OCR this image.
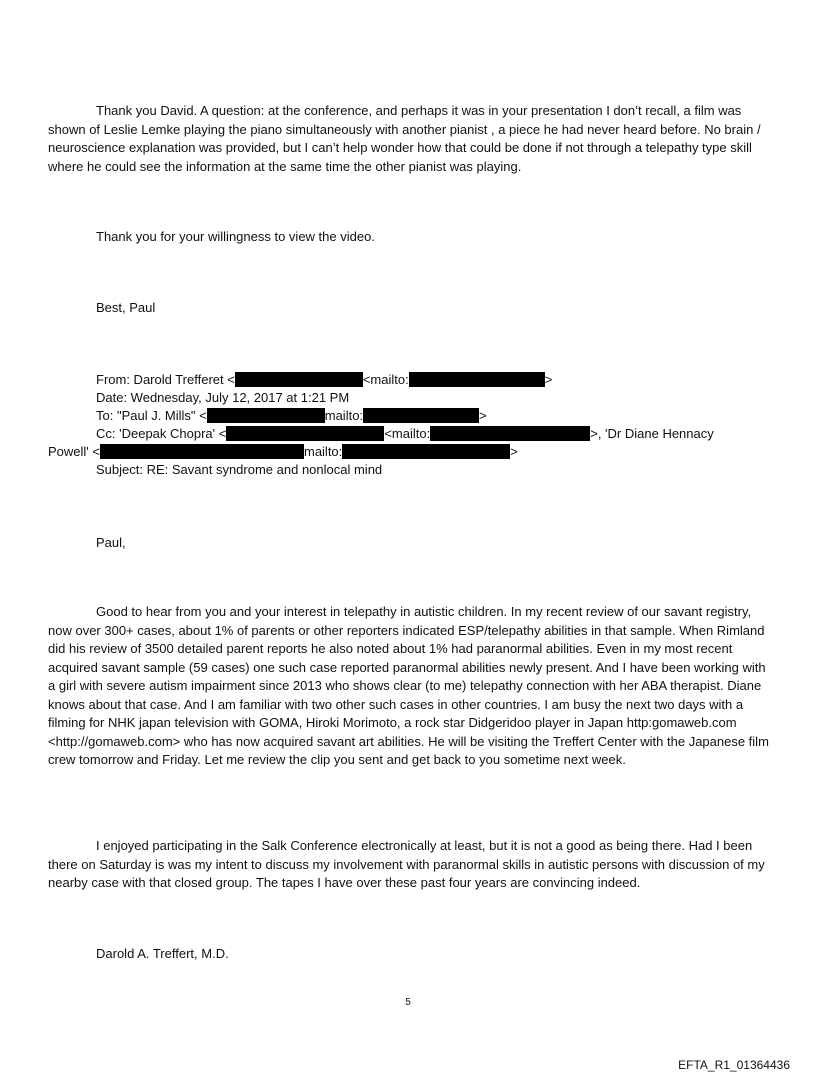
Thank you David. A question: at the conference, and perhaps it was in your presentation I don’t recall, a film was shown of Leslie Lemke playing the piano simultaneously with another pianist , a piece he had never heard before. No brain / neuroscience explanation was provided, but I can’t help wonder how that could be done if not through a telepathy type skill where he could see the information at the same time the other pianist was playing.

Thank you for your willingness to view the video.

Best, Paul

From: Darold Trefferet <	<mailto:	>

Date: Wednesday, July 12, 2017 at 1:21 PM

To: "Paul J. Mills" <	mailto:	>

Cc: 'Deepak Chopra' <	<mailto:	>, 'Dr Diane Hennacy

Powell' <	mailto:	>

Subject: RE: Savant syndrome and nonlocal mind

Paul,

Good to hear from you and your interest in telepathy in autistic children. In my recent review of our savant registry, now over 300+ cases, about 1% of parents or other reporters indicated ESP/telepathy abilities in that sample. When Rimland did his review of 3500 detailed parent reports he also noted about 1% had paranormal abilities. Even in my most recent acquired savant sample (59 cases) one such case reported paranormal abilities newly present. And I have been working with a girl with severe autism impairment since 2013 who shows clear (to me) telepathy connection with her ABA therapist. Diane knows about that case. And I am familiar with two other such cases in other countries. I am busy the next two days with a filming for NHK japan television with GOMA, Hiroki Morimoto, a rock star Didgeridoo player in Japan http:gomaweb.com <http://gomaweb.com> who has now acquired savant art abilities. He will be visiting the Treffert Center with the Japanese film crew tomorrow and Friday. Let me review the clip you sent and get back to you sometime next week.

I enjoyed participating in the Salk Conference electronically at least, but it is not a good as being there. Had I been there on Saturday is was my intent to discuss my involvement with paranormal skills in autistic persons with discussion of my nearby case with that closed group. The tapes I have over these past four years are convincing indeed.

Darold A. Treffert, M.D.

5
EFTA_R1_01364436
